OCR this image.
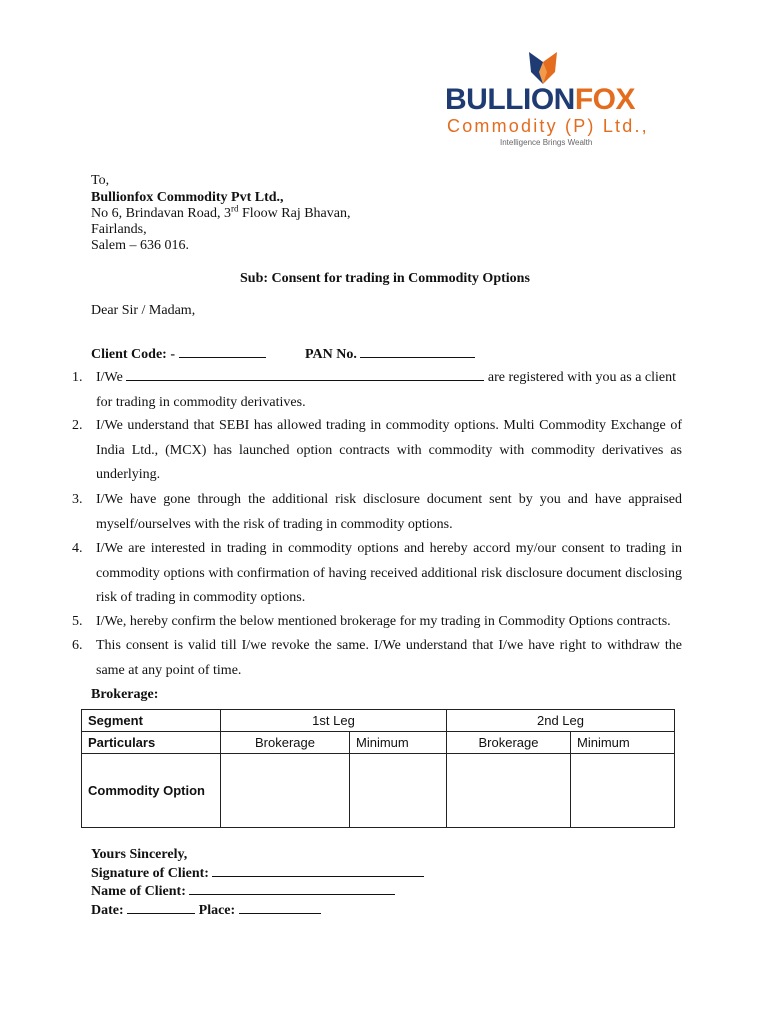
BULLIONFOX
Commodity (P) Ltd.,
Intelligence Brings Wealth
To,
Bullionfox Commodity Pvt Ltd.,
No 6, Brindavan Road, 3rd Floow Raj Bhavan,
Fairlands,
Salem – 636 016.
Sub: Consent for trading in Commodity Options
Dear Sir / Madam,
Client Code: -	PAN No.
1. I/We	are registered with you as a client
for trading in commodity derivatives.
2. I/We understand that SEBI has allowed trading in commodity options. Multi Commodity Exchange of India Ltd., (MCX) has launched option contracts with commodity with commodity derivatives as underlying.
3. I/We have gone through the additional risk disclosure document sent by you and have appraised myself/ourselves with the risk of trading in commodity options.
4. I/We are interested in trading in commodity options and hereby accord my/our consent to trading in commodity options with confirmation of having received additional risk disclosure document disclosing risk of trading in commodity options.
5. I/We, hereby confirm the below mentioned brokerage for my trading in Commodity Options contracts.
6. This consent is valid till I/we revoke the same. I/We understand that I/we have right to withdraw the same at any point of time.
Brokerage:
Segment	1st Leg		2nd Leg	
Particulars	Brokerage	Minimum	Brokerage	Minimum
Commodity Option				
Yours Sincerely,
Signature of Client:
Name of Client:
Date:	Place:
